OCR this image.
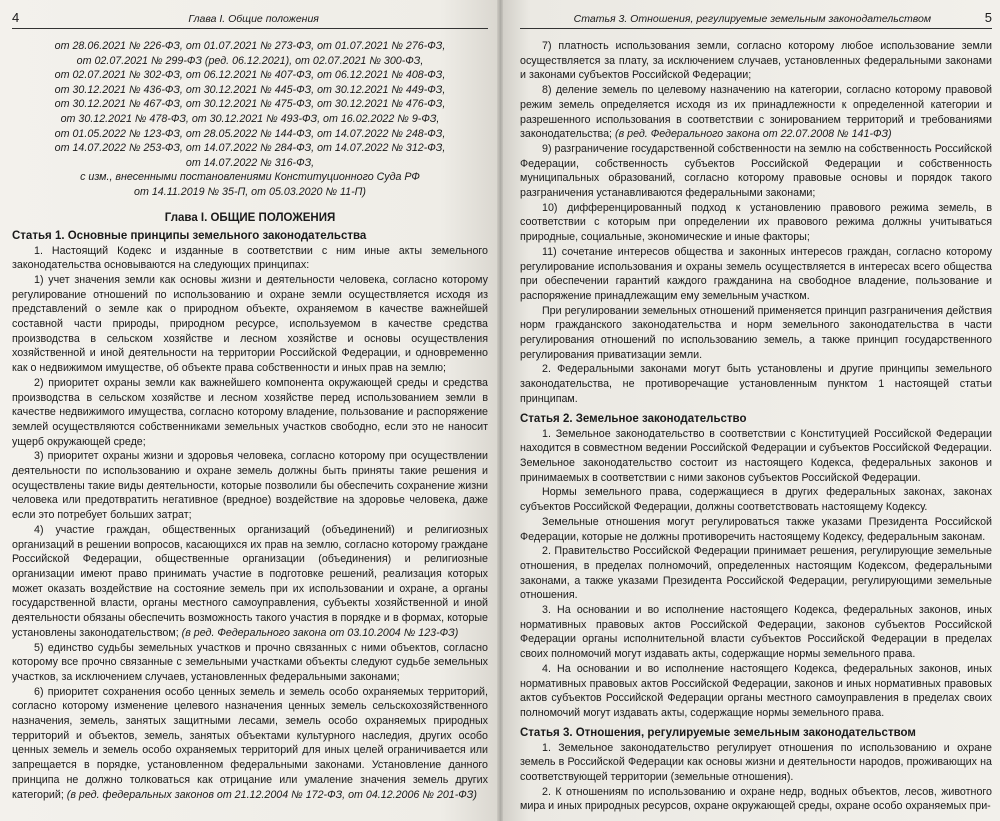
4	Глава I. Общие положения
от 28.06.2021 № 226-ФЗ, от 01.07.2021 № 273-ФЗ, от 01.07.2021 № 276-ФЗ,
от 02.07.2021 № 299-ФЗ (ред. 06.12.2021), от 02.07.2021 № 300-ФЗ,
от 02.07.2021 № 302-ФЗ, от 06.12.2021 № 407-ФЗ, от 06.12.2021 № 408-ФЗ,
от 30.12.2021 № 436-ФЗ, от 30.12.2021 № 445-ФЗ, от 30.12.2021 № 449-ФЗ,
от 30.12.2021 № 467-ФЗ, от 30.12.2021 № 475-ФЗ, от 30.12.2021 № 476-ФЗ,
от 30.12.2021 № 478-ФЗ, от 30.12.2021 № 493-ФЗ, от 16.02.2022 № 9-ФЗ,
от 01.05.2022 № 123-ФЗ, от 28.05.2022 № 144-ФЗ, от 14.07.2022 № 248-ФЗ,
от 14.07.2022 № 253-ФЗ, от 14.07.2022 № 284-ФЗ, от 14.07.2022 № 312-ФЗ,
от 14.07.2022 № 316-ФЗ,
с изм., внесенными постановлениями Конституционного Суда РФ
от 14.11.2019 № 35-П, от 05.03.2020 № 11-П)
Глава I. ОБЩИЕ ПОЛОЖЕНИЯ
Статья 1. Основные принципы земельного законодательства

1. Настоящий Кодекс и изданные в соответствии с ним иные акты земельного законодательства основываются на следующих принципах:

1) учет значения земли как основы жизни и деятельности человека, согласно которому регулирование отношений по использованию и охране земли осуществляется исходя из представлений о земле как о природном объекте, охраняемом в качестве важнейшей составной части природы, природном ресурсе, используемом в качестве средства производства в сельском хозяйстве и лесном хозяйстве и основы осуществления хозяйственной и иной деятельности на территории Российской Федерации, и одновременно как о недвижимом имуществе, об объекте права собственности и иных прав на землю;

2) приоритет охраны земли как важнейшего компонента окружающей среды и средства производства в сельском хозяйстве и лесном хозяйстве перед использованием земли в качестве недвижимого имущества, согласно которому владение, пользование и распоряжение землей осуществляются собственниками земельных участков свободно, если это не наносит ущерб окружающей среде;

3) приоритет охраны жизни и здоровья человека, согласно которому при осуществлении деятельности по использованию и охране земель должны быть приняты такие решения и осуществлены такие виды деятельности, которые позволили бы обеспечить сохранение жизни человека или предотвратить негативное (вредное) воздействие на здоровье человека, даже если это потребует больших затрат;

4) участие граждан, общественных организаций (объединений) и религиозных организаций в решении вопросов, касающихся их прав на землю, согласно которому граждане Российской Федерации, общественные организации (объединения) и религиозные организации имеют право принимать участие в подготовке решений, реализация которых может оказать воздействие на состояние земель при их использовании и охране, а органы государственной власти, органы местного самоуправления, субъекты хозяйственной и иной деятельности обязаны обеспечить возможность такого участия в порядке и в формах, которые установлены законодательством; (в ред. Федерального закона от 03.10.2004 № 123-ФЗ)

5) единство судьбы земельных участков и прочно связанных с ними объектов, согласно которому все прочно связанные с земельными участками объекты следуют судьбе земельных участков, за исключением случаев, установленных федеральными законами;

6) приоритет сохранения особо ценных земель и земель особо охраняемых территорий, согласно которому изменение целевого назначения ценных земель сельскохозяйственного назначения, земель, занятых защитными лесами, земель особо охраняемых природных территорий и объектов, земель, занятых объектами культурного наследия, других особо ценных земель и земель особо охраняемых территорий для иных целей ограничивается или запрещается в порядке, установленном федеральными законами. Установление данного принципа не должно толковаться как отрицание или умаление значения земель других категорий; (в ред. федеральных законов от 21.12.2004 № 172-ФЗ, от 04.12.2006 № 201-ФЗ)

Статья 3. Отношения, регулируемые земельным законодательством	5

7) платность использования земли, согласно которому любое использование земли осуществляется за плату, за исключением случаев, установленных федеральными законами и законами субъектов Российской Федерации;

8) деление земель по целевому назначению на категории, согласно которому правовой режим земель определяется исходя из их принадлежности к определенной категории и разрешенного использования в соответствии с зонированием территорий и требованиями законодательства; (в ред. Федерального закона от 22.07.2008 № 141-ФЗ)

9) разграничение государственной собственности на землю на собственность Российской Федерации, собственность субъектов Российской Федерации и собственность муниципальных образований, согласно которому правовые основы и порядок такого разграничения устанавливаются федеральными законами;

10) дифференцированный подход к установлению правового режима земель, в соответствии с которым при определении их правового режима должны учитываться природные, социальные, экономические и иные факторы;

11) сочетание интересов общества и законных интересов граждан, согласно которому регулирование использования и охраны земель осуществляется в интересах всего общества при обеспечении гарантий каждого гражданина на свободное владение, пользование и распоряжение принадлежащим ему земельным участком.

При регулировании земельных отношений применяется принцип разграничения действия норм гражданского законодательства и норм земельного законодательства в части регулирования отношений по использованию земель, а также принцип государственного регулирования приватизации земли.

2. Федеральными законами могут быть установлены и другие принципы земельного законодательства, не противоречащие установленным пунктом 1 настоящей статьи принципам.

Статья 2. Земельное законодательство

1. Земельное законодательство в соответствии с Конституцией Российской Федерации находится в совместном ведении Российской Федерации и субъектов Российской Федерации. Земельное законодательство состоит из настоящего Кодекса, федеральных законов и принимаемых в соответствии с ними законов субъектов Российской Федерации.

Нормы земельного права, содержащиеся в других федеральных законах, законах субъектов Российской Федерации, должны соответствовать настоящему Кодексу.

Земельные отношения могут регулироваться также указами Президента Российской Федерации, которые не должны противоречить настоящему Кодексу, федеральным законам.

2. Правительство Российской Федерации принимает решения, регулирующие земельные отношения, в пределах полномочий, определенных настоящим Кодексом, федеральными законами, а также указами Президента Российской Федерации, регулирующими земельные отношения.

3. На основании и во исполнение настоящего Кодекса, федеральных законов, иных нормативных правовых актов Российской Федерации, законов субъектов Российской Федерации органы исполнительной власти субъектов Российской Федерации в пределах своих полномочий могут издавать акты, содержащие нормы земельного права.

4. На основании и во исполнение настоящего Кодекса, федеральных законов, иных нормативных правовых актов Российской Федерации, законов и иных нормативных правовых актов субъектов Российской Федерации органы местного самоуправления в пределах своих полномочий могут издавать акты, содержащие нормы земельного права.

Статья 3. Отношения, регулируемые земельным законодательством

1. Земельное законодательство регулирует отношения по использованию и охране земель в Российской Федерации как основы жизни и деятельности народов, проживающих на соответствующей территории (земельные отношения).

2. К отношениям по использованию и охране недр, водных объектов, лесов, животного мира и иных природных ресурсов, охране окружающей среды, охране особо охраняемых при-
